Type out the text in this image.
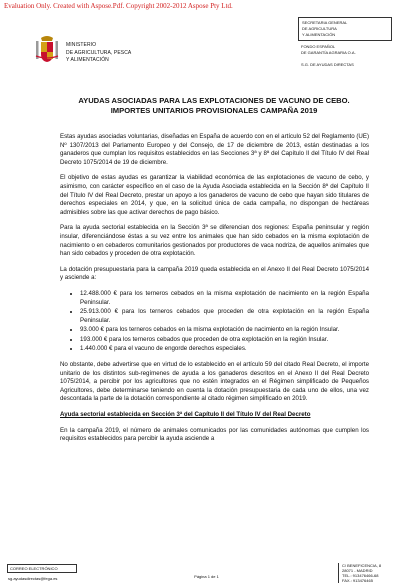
Evaluation Only. Created with Aspose.Pdf. Copyright 2002-2012 Aspose Pty Ltd.
MINISTERIO
DE AGRICULTURA, PESCA
Y ALIMENTACIÓN
SECRETARIA GENERAL
DE AGRICULTURA
Y ALIMENTACIÓN
FONDO ESPAÑOL
DE GARANTÍA AGRARIA O.A.
S.G. DE AYUDAS DIRECTAS
AYUDAS ASOCIADAS PARA LAS EXPLOTACIONES DE VACUNO DE CEBO.
IMPORTES UNITARIOS PROVISIONALES CAMPAÑA 2019

Estas ayudas asociadas voluntarias, diseñadas en España de acuerdo con en el artículo 52 del Reglamento (UE) Nº 1307/2013 del Parlamento Europeo y del Consejo, de 17 de diciembre de 2013, están destinadas a los ganaderos que cumplan los requisitos establecidos en las Secciones 3ª y 8ª del Capítulo II del Título IV del Real Decreto 1075/2014 de 19 de diciembre.

El objetivo de estas ayudas es garantizar la viabilidad económica de las explotaciones de vacuno de cebo, y asimismo, con carácter específico en el caso de la Ayuda Asociada establecida en la Sección 8ª del Capítulo II del Título IV del Real Decreto, prestar un apoyo a los ganaderos de vacuno de cebo que hayan sido titulares de derechos especiales en 2014, y que, en la solicitud única de cada campaña, no dispongan de hectáreas admisibles sobre las que activar derechos de pago básico.

Para la ayuda sectorial establecida en la Sección 3ª se diferencian dos regiones: España peninsular y región insular, diferenciándose éstas a su vez entre los animales que han sido cebados en la misma explotación de nacimiento o en cebaderos comunitarios gestionados por productores de vaca nodriza, de aquellos animales que han sido cebados y proceden de otra explotación.

La dotación presupuestaria para la campaña 2019 queda establecida en el Anexo II del Real Decreto 1075/2014 y asciende a:

• 12.488.000 € para los terneros cebados en la misma explotación de nacimiento en la región España Peninsular.
• 25.913.000 € para los terneros cebados que proceden de otra explotación en la región España Peninsular.
• 93.000 € para los terneros cebados en la misma explotación de nacimiento en la región Insular.
• 193.000 € para los terneros cebados que proceden de otra explotación en la región Insular.
• 1.440.000 € para el vacuno de engorde derechos especiales.

No obstante, debe advertirse que en virtud de lo establecido en el artículo 59 del citado Real Decreto, el importe unitario de los distintos sub-regímenes de ayuda a los ganaderos descritos en el Anexo II del Real Decreto 1075/2014, a percibir por los agricultores que no estén integrados en el Régimen simplificado de Pequeños Agricultores, debe determinarse teniendo en cuenta la dotación presupuestaria de cada uno de ellos, una vez descontada la parte de la dotación correspondiente al citado régimen simplificado en 2019.

Ayuda sectorial establecida en Sección 3ª del Capítulo II del Título IV del Real Decreto

En la campaña 2019, el número de animales comunicados por las comunidades autónomas que cumplen los requisitos establecidos para percibir la ayuda asciende a

CORREO ELECTRÓNICO
sg.ayudasdirectas@fega.es	Página 1 de 1
C/ BENEFICENCIA, 8
28071 - MADRID
TEL.: 913476466-68
FAX.: 913476465
